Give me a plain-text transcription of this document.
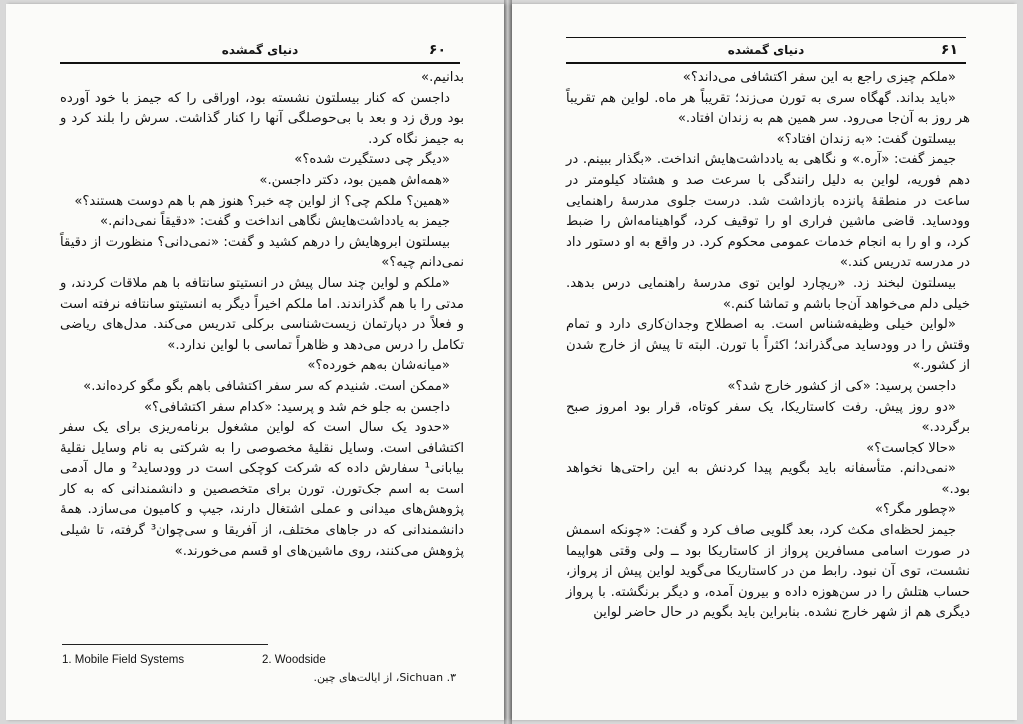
دنیای گمشده	۶۰

بدانیم.»

داجسن که کنار بیسلتون نشسته بود، اوراقی را که جیمز با خود آورده بود ورق زد و بعد با بی‌حوصلگی آنها را کنار گذاشت. سرش را بلند کرد و به جیمز نگاه کرد.

«دیگر چی دستگیرت شده؟»

«همه‌اش همین بود، دکتر داجسن.»

«همین؟ ملکم چی؟ از لواین چه خبر؟ هنوز هم با هم دوست هستند؟»

جیمز به یادداشت‌هایش نگاهی انداخت و گفت: «دقیقاً نمی‌دانم.»

بیسلتون ابروهایش را درهم کشید و گفت: «نمی‌دانی؟ منظورت از دقیقاً نمی‌دانم چیه؟»

«ملکم و لواین چند سال پیش در انستیتو سانتافه با هم ملاقات کردند، و مدتی را با هم گذراندند. اما ملکم اخیراً دیگر به انستیتو سانتافه نرفته است و فعلاً در دپارتمان زیست‌شناسی برکلی تدریس می‌کند. مدل‌های ریاضی تکامل را درس می‌دهد و ظاهراً تماسی با لواین ندارد.»

«میانه‌شان به‌هم خورده؟»

«ممکن است. شنیدم که سر سفر اکتشافی باهم بگو مگو کرده‌اند.»

داجسن به جلو خم شد و پرسید: «کدام سفر اکتشافی؟»

«حدود یک سال است که لواین مشغول برنامه‌ریزی برای یک سفر اکتشافی است. وسایل نقلیهٔ مخصوصی را به شرکتی به نام وسایل نقلیهٔ بیابانی¹ سفارش داده که شرکت کوچکی است در وودساید² و مال آدمی است به اسم جک‌تورن. تورن برای متخصصین و دانشمندانی که به کار پژوهش‌های میدانی و عملی اشتغال دارند، جیپ و کامیون می‌سازد. همهٔ دانشمندانی که در جاهای مختلف، از آفریقا و سی‌چوان³ گرفته، تا شیلی پژوهش می‌کنند، روی ماشین‌های او قسم می‌خورند.»

1. Mobile Field Systems	2. Woodside
۳. Sichuan، از ایالت‌های چین.
دنیای گمشده	۶۱

«ملکم چیزی راجع به این سفر اکتشافی می‌داند؟»

«باید بداند. گهگاه سری به تورن می‌زند؛ تقریباً هر ماه. لواین هم تقریباً هر روز به آن‌جا می‌رود. سر همین هم به زندان افتاد.»

بیسلتون گفت: «به زندان افتاد؟»

جیمز گفت: «آره.» و نگاهی به یادداشت‌هایش انداخت. «بگذار ببینم. در دهم فوریه، لواین به دلیل رانندگی با سرعت صد و هشتاد کیلومتر در ساعت در منطقهٔ پانزده بازداشت شد. درست جلوی مدرسهٔ راهنمایی وودساید. قاضی ماشین فراری او را توقیف کرد، گواهینامه‌اش را ضبط کرد، و او را به انجام خدمات عمومی محکوم کرد. در واقع به او دستور داد در مدرسه تدریس کند.»

بیسلتون لبخند زد. «ریچارد لواین توی مدرسهٔ راهنمایی درس بدهد. خیلی دلم می‌خواهد آن‌جا باشم و تماشا کنم.»

«لواین خیلی وظیفه‌شناس است. به اصطلاح وجدان‌کاری دارد و تمام وقتش را در وودساید می‌گذراند؛ اکثراً با تورن. البته تا پیش از خارج شدن از کشور.»

داجسن پرسید: «کی از کشور خارج شد؟»

«دو روز پیش. رفت کاستاریکا، یک سفر کوتاه، قرار بود امروز صبح برگردد.»

«حالا کجاست؟»

«نمی‌دانم. متأسفانه باید بگویم پیدا کردنش به این راحتی‌ها نخواهد بود.»

«چطور مگر؟»

جیمز لحظه‌ای مکث کرد، بعد گلویی صاف کرد و گفت: «چونکه اسمش در صورت اسامی مسافرین پرواز از کاستاریکا بود ــ ولی وقتی هواپیما نشست، توی آن نبود. رابط من در کاستاریکا می‌گوید لواین پیش از پرواز، حساب هتلش را در سن‌هوزه داده و بیرون آمده، و دیگر برنگشته. با پرواز دیگری هم از شهر خارج نشده. بنابراین باید بگویم در حال حاضر لواین
